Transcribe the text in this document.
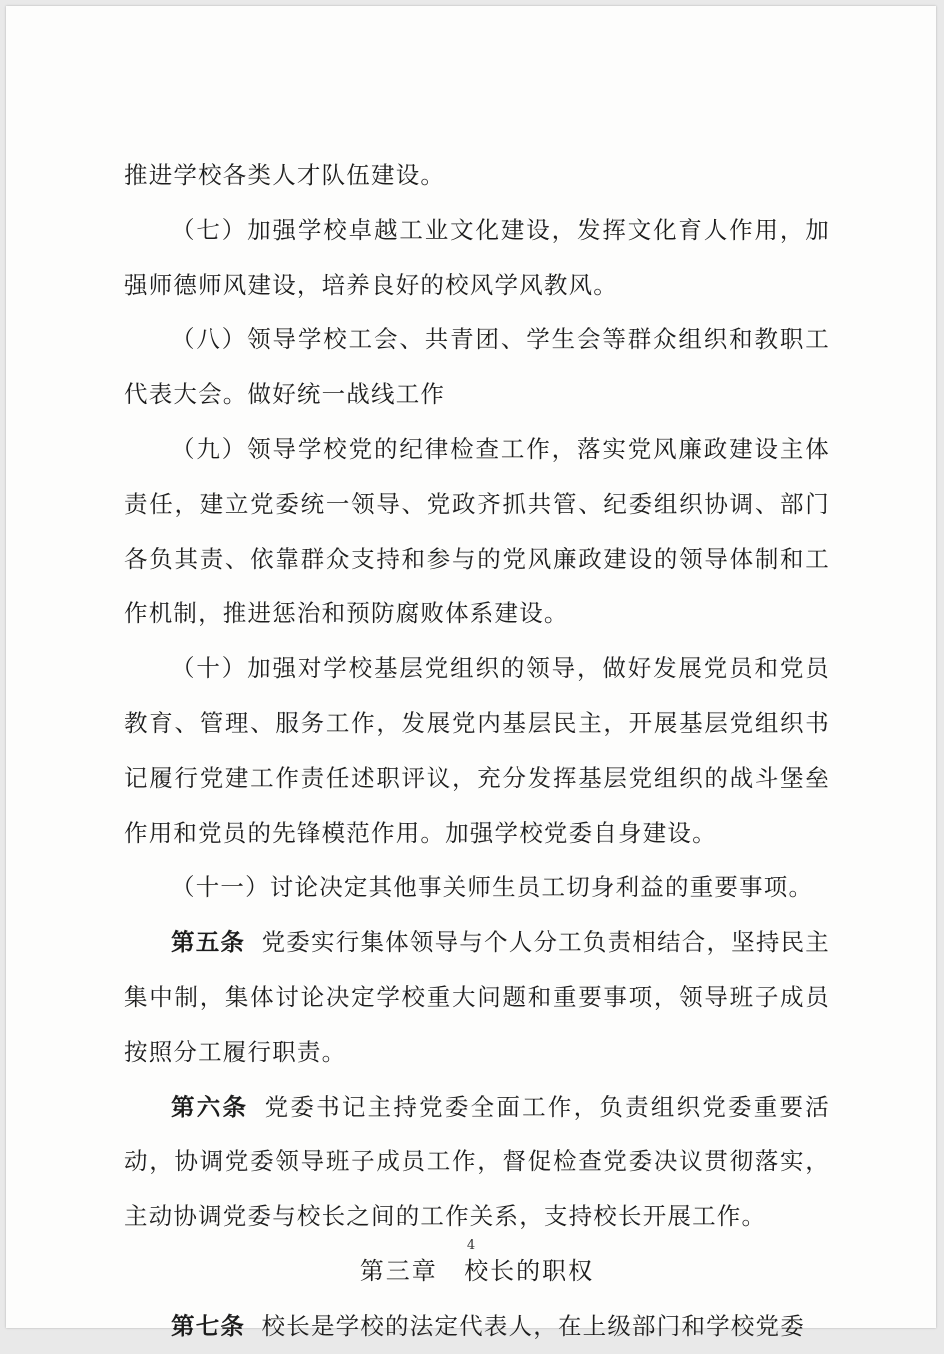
推进学校各类人才队伍建设。

（七）加强学校卓越工业文化建设，发挥文化育人作用，加强师德师风建设，培养良好的校风学风教风。

（八）领导学校工会、共青团、学生会等群众组织和教职工代表大会。做好统一战线工作

（九）领导学校党的纪律检查工作，落实党风廉政建设主体责任，建立党委统一领导、党政齐抓共管、纪委组织协调、部门各负其责、依靠群众支持和参与的党风廉政建设的领导体制和工作机制，推进惩治和预防腐败体系建设。

（十）加强对学校基层党组织的领导，做好发展党员和党员教育、管理、服务工作，发展党内基层民主，开展基层党组织书记履行党建工作责任述职评议，充分发挥基层党组织的战斗堡垒作用和党员的先锋模范作用。加强学校党委自身建设。

（十一）讨论决定其他事关师生员工切身利益的重要事项。

第五条 党委实行集体领导与个人分工负责相结合，坚持民主集中制，集体讨论决定学校重大问题和重要事项，领导班子成员按照分工履行职责。

第六条 党委书记主持党委全面工作，负责组织党委重要活动，协调党委领导班子成员工作，督促检查党委决议贯彻落实，主动协调党委与校长之间的工作关系，支持校长开展工作。

第三章 校长的职权

第七条 校长是学校的法定代表人，在上级部门和学校党委

4
